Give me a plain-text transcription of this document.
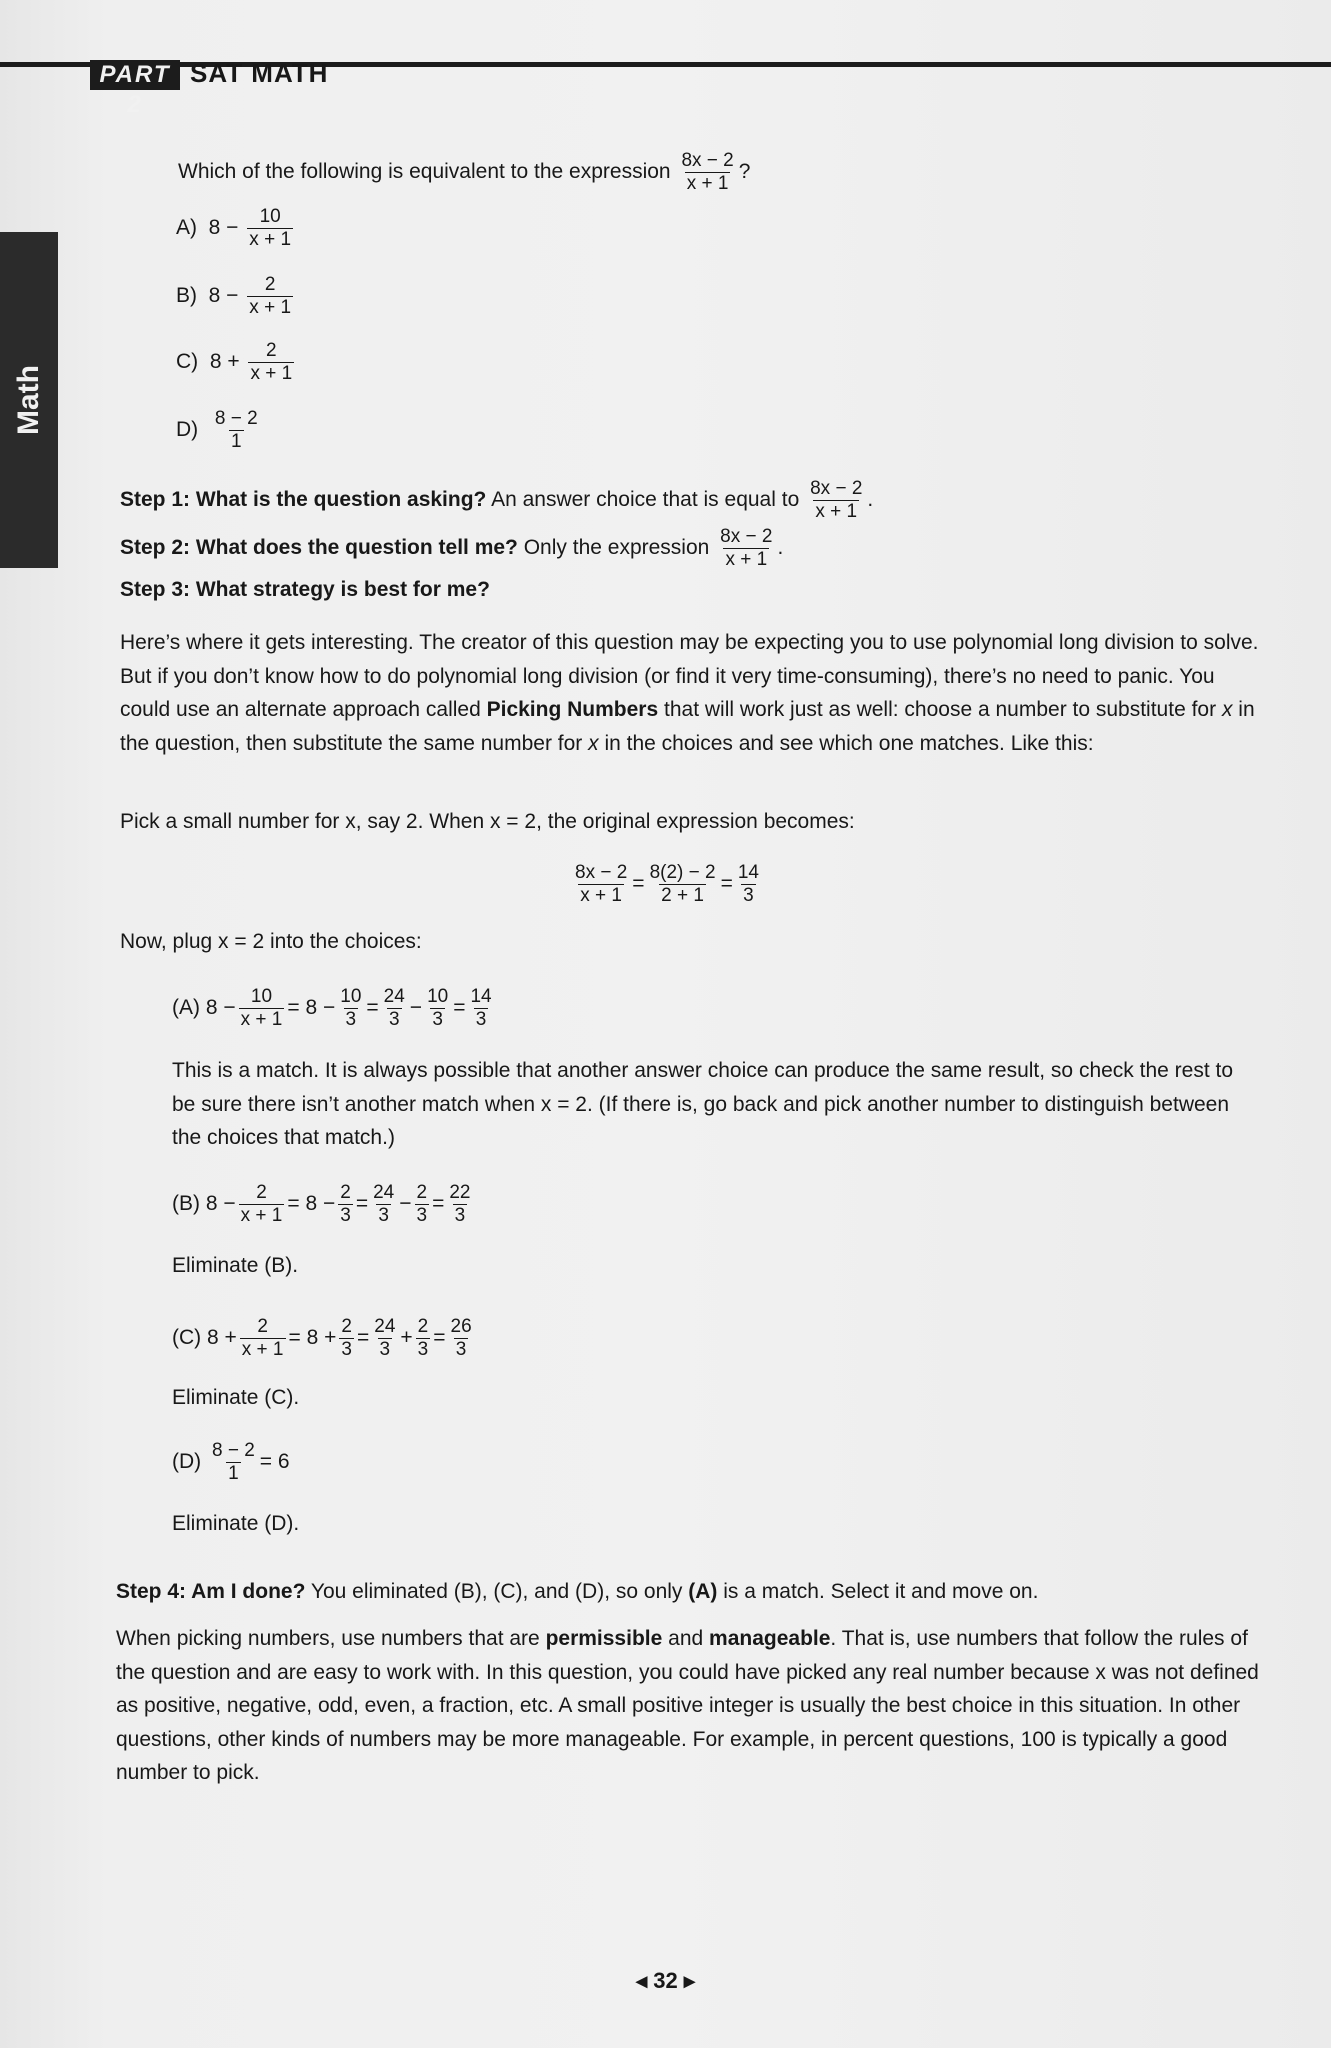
PART 2
SAT MATH
Math
Which of the following is equivalent to the expression $\frac{8x - 2}{x + 1}$ ?
A) $8 - \frac{10}{x + 1}$
B) $8 - \frac{2}{x + 1}$
C) $8 + \frac{2}{x + 1}$
$D) \frac{8 - 2}{1}$
Step 1: What is the question asking? An answer choice that is equal to $\frac{8x - 2}{x + 1}$ .
Step 2: What does the question tell me? Only the expression $\frac{8x - 2}{x + 1}$ .
Step 3: What strategy is best for me?
Here’s where it gets interesting. The creator of this question may be expecting you to use polynomial long division to solve. But if you don’t know how to do polynomial long division (or find it very time-consuming), there’s no need to panic. You could use an alternate approach called Picking Numbers that will work just as well: choose a number to substitute for x in the question, then substitute the same number for x in the choices and see which one matches. Like this:
Pick a small number for x, say 2. When x = 2, the original expression becomes:
$\frac{8x - 2}{x + 1} = \frac{8(2) - 2}{2 + 1} = \frac{14}{3}$
Now, plug x = 2 into the choices:
(A) $8 - \frac{10}{x + 1} = 8 - \frac{10}{3} = \frac{24}{3} - \frac{10}{3} = \frac{14}{3}$
This is a match. It is always possible that another answer choice can produce the same result, so check the rest to be sure there isn’t another match when x = 2. (If there is, go back and pick another number to distinguish between the choices that match.)
(B) $8 - \frac{2}{x + 1} = 8 - \frac{2}{3} = \frac{24}{3} - \frac{2}{3} = \frac{22}{3}$
Eliminate (B).
(C) $8 + \frac{2}{x + 1} = 8 + \frac{2}{3} = \frac{24}{3} + \frac{2}{3} = \frac{26}{3}$
Eliminate (C).
$(D) \frac{8 - 2}{1} = 6$
Eliminate (D).
Step 4: Am I done? You eliminated (B), (C), and (D), so only (A) is a match. Select it and move on.
When picking numbers, use numbers that are permissible and manageable. That is, use numbers that follow the rules of the question and are easy to work with. In this question, you could have picked any real number because x was not defined as positive, negative, odd, even, a fraction, etc. A small positive integer is usually the best choice in this situation. In other questions, other kinds of numbers may be more manageable. For example, in percent questions, 100 is typically a good number to pick.
◂ 32 ▸
